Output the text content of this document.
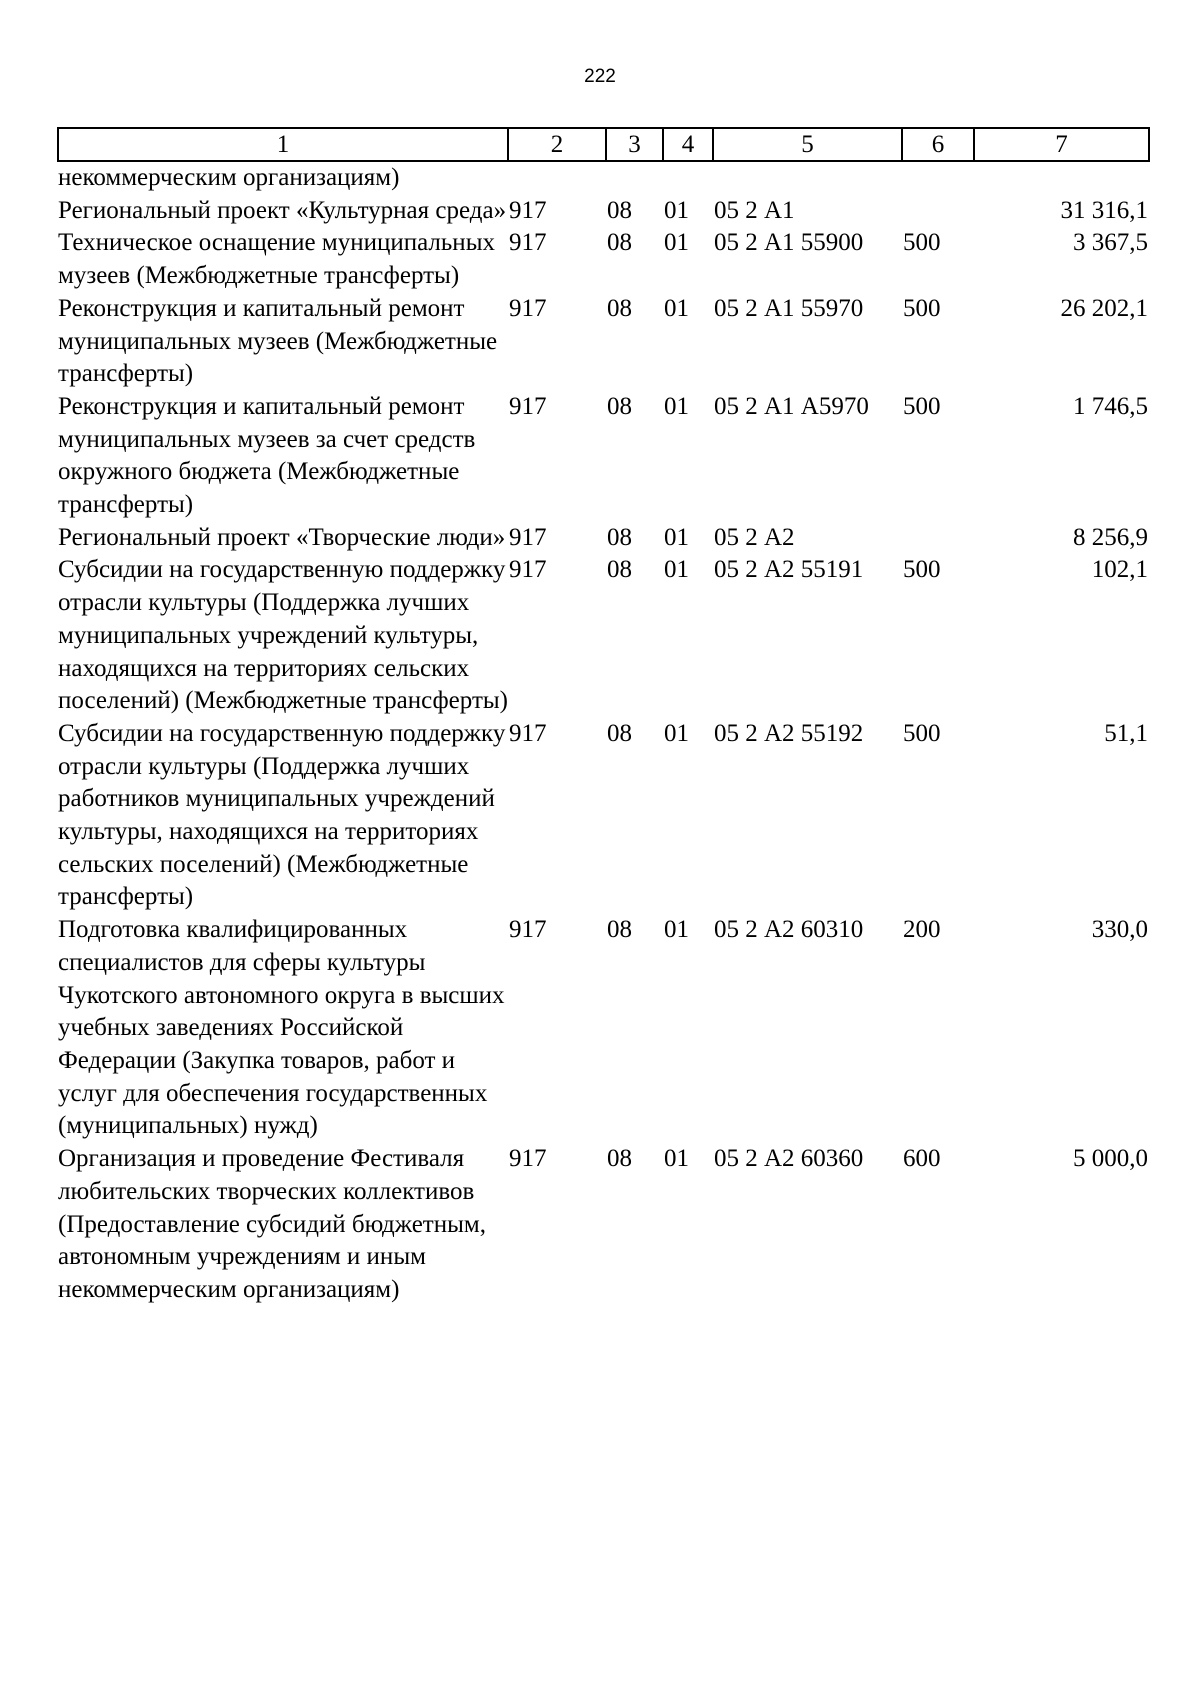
222
1	2	3	4	5	6	7
некоммерческим организациям)						
Региональный проект «Культурная среда»	917	08	01	05 2 А1		31 316,1
Техническое оснащение муниципальных музеев (Межбюджетные трансферты)	917	08	01	05 2 А1 55900	500	3 367,5
Реконструкция и капитальный ремонт муниципальных музеев (Межбюджетные трансферты)	917	08	01	05 2 А1 55970	500	26 202,1
Реконструкция и капитальный ремонт муниципальных музеев за счет средств окружного бюджета (Межбюджетные трансферты)	917	08	01	05 2 А1 А5970	500	1 746,5
Региональный проект «Творческие люди»	917	08	01	05 2 А2		8 256,9
Субсидии на государственную поддержку отрасли культуры (Поддержка лучших муниципальных учреждений культуры, находящихся на территориях сельских поселений) (Межбюджетные трансферты)	917	08	01	05 2 А2 55191	500	102,1
Субсидии на государственную поддержку отрасли культуры (Поддержка лучших работников муниципальных учреждений культуры, находящихся на территориях сельских поселений) (Межбюджетные трансферты)	917	08	01	05 2 А2 55192	500	51,1
Подготовка квалифицированных специалистов для сферы культуры Чукотского автономного округа в высших учебных заведениях Российской Федерации (Закупка товаров, работ и услуг для обеспечения государственных (муниципальных) нужд)	917	08	01	05 2 А2 60310	200	330,0
Организация и проведение Фестиваля любительских творческих коллективов (Предоставление субсидий бюджетным, автономным учреждениям и иным некоммерческим организациям)	917	08	01	05 2 А2 60360	600	5 000,0
